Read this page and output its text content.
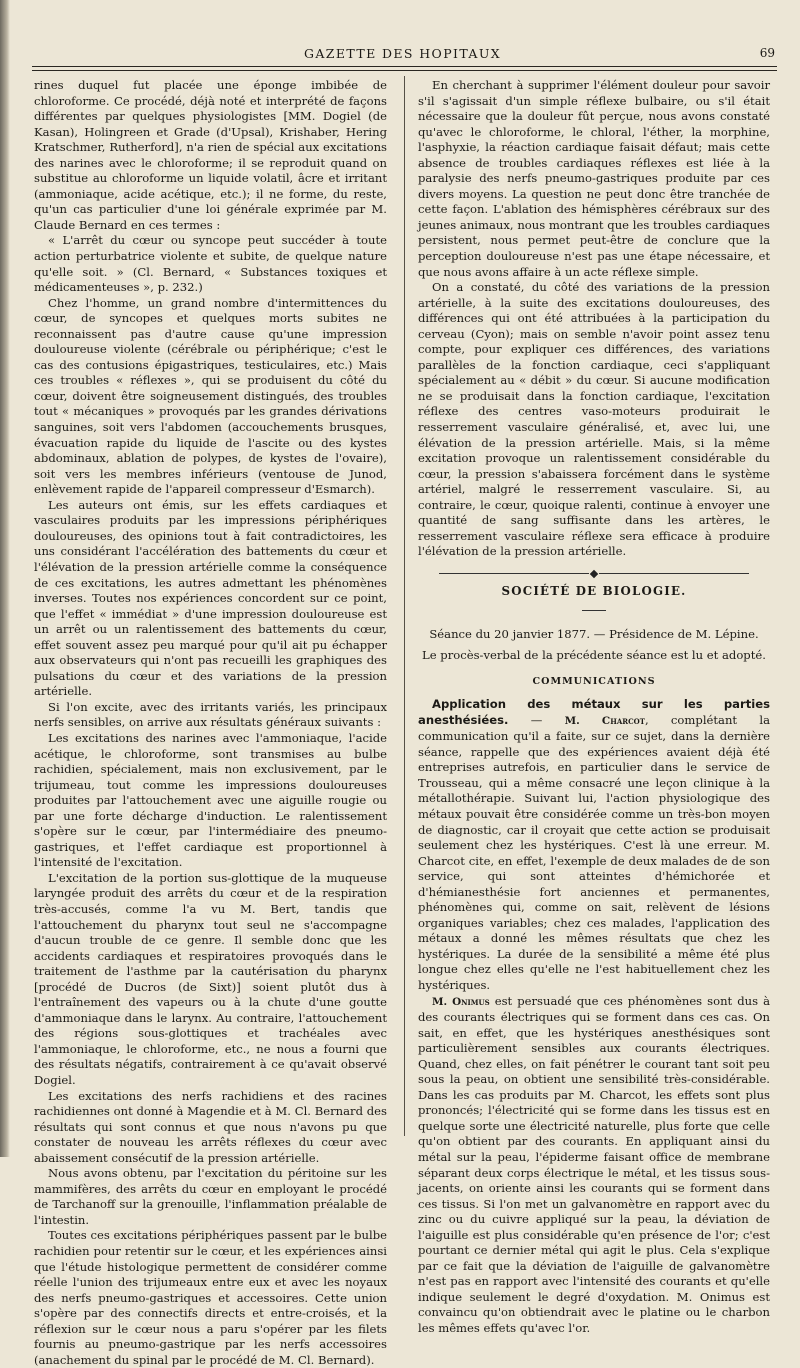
GAZETTE DES HOPITAUX	69

rines duquel fut placée une éponge imbibée de chloroforme. Ce procédé, déjà noté et interprété de façons différentes par quelques physiologistes [MM. Dogiel (de Kasan), Holingreen et Grade (d'Upsal), Krishaber, Hering Kratschmer, Rutherford], n'a rien de spécial aux excitations des narines avec le chloroforme; il se reproduit quand on substitue au chloroforme un liquide volatil, âcre et irritant (ammoniaque, acide acétique, etc.); il ne forme, du reste, qu'un cas particulier d'une loi générale exprimée par M. Claude Bernard en ces termes :

« L'arrêt du cœur ou syncope peut succéder à toute action perturbatrice violente et subite, de quelque nature qu'elle soit. » (Cl. Bernard, « Substances toxiques et médicamenteuses », p. 232.)

Chez l'homme, un grand nombre d'intermittences du cœur, de syncopes et quelques morts subites ne reconnaissent pas d'autre cause qu'une impression douloureuse violente (cérébrale ou périphérique; c'est le cas des contusions épigastriques, testiculaires, etc.) Mais ces troubles « réflexes », qui se produisent du côté du cœur, doivent être soigneusement distingués, des troubles tout « mécaniques » provoqués par les grandes dérivations sanguines, soit vers l'abdomen (accouchements brusques, évacuation rapide du liquide de l'ascite ou des kystes abdominaux, ablation de polypes, de kystes de l'ovaire), soit vers les membres inférieurs (ventouse de Junod, enlèvement rapide de l'appareil compresseur d'Esmarch).

Les auteurs ont émis, sur les effets cardiaques et vasculaires produits par les impressions périphériques douloureuses, des opinions tout à fait contradictoires, les uns considérant l'accélération des battements du cœur et l'élévation de la pression artérielle comme la conséquence de ces excitations, les autres admettant les phénomènes inverses. Toutes nos expériences concordent sur ce point, que l'effet « immédiat » d'une impression douloureuse est un arrêt ou un ralentissement des battements du cœur, effet souvent assez peu marqué pour qu'il ait pu échapper aux observateurs qui n'ont pas recueilli les graphiques des pulsations du cœur et des variations de la pression artérielle.

Si l'on excite, avec des irritants variés, les principaux nerfs sensibles, on arrive aux résultats généraux suivants :

Les excitations des narines avec l'ammoniaque, l'acide acétique, le chloroforme, sont transmises au bulbe rachidien, spécialement, mais non exclusivement, par le trijumeau, tout comme les impressions douloureuses produites par l'attouchement avec une aiguille rougie ou par une forte décharge d'induction. Le ralentissement s'opère sur le cœur, par l'intermédiaire des pneumo-gastriques, et l'effet cardiaque est proportionnel à l'intensité de l'excitation.

L'excitation de la portion sus-glottique de la muqueuse laryngée produit des arrêts du cœur et de la respiration très-accusés, comme l'a vu M. Bert, tandis que l'attouchement du pharynx tout seul ne s'accompagne d'aucun trouble de ce genre. Il semble donc que les accidents cardiaques et respiratoires provoqués dans le traitement de l'asthme par la cautérisation du pharynx [procédé de Ducros (de Sixt)] soient plutôt dus à l'entraînement des vapeurs ou à la chute d'une goutte d'ammoniaque dans le larynx. Au contraire, l'attouchement des régions sous-glottiques et trachéales avec l'ammoniaque, le chloroforme, etc., ne nous a fourni que des résultats négatifs, contrairement à ce qu'avait observé Dogiel.

Les excitations des nerfs rachidiens et des racines rachidiennes ont donné à Magendie et à M. Cl. Bernard des résultats qui sont connus et que nous n'avons pu que constater de nouveau les arrêts réflexes du cœur avec abaissement consécutif de la pression artérielle.

Nous avons obtenu, par l'excitation du péritoine sur les mammifères, des arrêts du cœur en employant le procédé de Tarchanoff sur la grenouille, l'inflammation préalable de l'intestin.

Toutes ces excitations périphériques passent par le bulbe rachidien pour retentir sur le cœur, et les expériences ainsi que l'étude histologique permettent de considérer comme réelle l'union des trijumeaux entre eux et avec les noyaux des nerfs pneumo-gastriques et accessoires. Cette union s'opère par des connectifs directs et entre-croisés, et la réflexion sur le cœur nous a paru s'opérer par les filets fournis au pneumo-gastrique par les nerfs accessoires (anachement du spinal par le procédé de M. Cl. Bernard).

En cherchant à supprimer l'élément douleur pour savoir s'il s'agissait d'un simple réflexe bulbaire, ou s'il était nécessaire que la douleur fût perçue, nous avons constaté qu'avec le chloroforme, le chloral, l'éther, la morphine, l'asphyxie, la réaction cardiaque faisait défaut; mais cette absence de troubles cardiaques réflexes est liée à la paralysie des nerfs pneumo-gastriques produite par ces divers moyens. La question ne peut donc être tranchée de cette façon. L'ablation des hémisphères cérébraux sur des jeunes animaux, nous montrant que les troubles cardiaques persistent, nous permet peut-être de conclure que la perception douloureuse n'est pas une étape nécessaire, et que nous avons affaire à un acte réflexe simple.

On a constaté, du côté des variations de la pression artérielle, à la suite des excitations douloureuses, des différences qui ont été attribuées à la participation du cerveau (Cyon); mais on semble n'avoir point assez tenu compte, pour expliquer ces différences, des variations parallèles de la fonction cardiaque, ceci s'appliquant spécialement au « débit » du cœur. Si aucune modification ne se produisait dans la fonction cardiaque, l'excitation réflexe des centres vaso-moteurs produirait le resserrement vasculaire généralisé, et, avec lui, une élévation de la pression artérielle. Mais, si la même excitation provoque un ralentissement considérable du cœur, la pression s'abaissera forcément dans le système artériel, malgré le resserrement vasculaire. Si, au contraire, le cœur, quoique ralenti, continue à envoyer une quantité de sang suffisante dans les artères, le resserrement vasculaire réflexe sera efficace à produire l'élévation de la pression artérielle.

SOCIÉTÉ DE BIOLOGIE.

Séance du 20 janvier 1877. — Présidence de M. Lépine.

Le procès-verbal de la précédente séance est lu et adopté.

COMMUNICATIONS

Application des métaux sur les parties anesthésiées. — M. Charcot, complétant la communication qu'il a faite, sur ce sujet, dans la dernière séance, rappelle que des expériences avaient déjà été entreprises autrefois, en particulier dans le service de Trousseau, qui a même consacré une leçon clinique à la métallothérapie. Suivant lui, l'action physiologique des métaux pouvait être considérée comme un très-bon moyen de diagnostic, car il croyait que cette action se produisait seulement chez les hystériques. C'est là une erreur. M. Charcot cite, en effet, l'exemple de deux malades de de son service, qui sont atteintes d'hémichorée et d'hémianesthésie fort anciennes et permanentes, phénomènes qui, comme on sait, relèvent de lésions organiques variables; chez ces malades, l'application des métaux a donné les mêmes résultats que chez les hystériques. La durée de la sensibilité a même été plus longue chez elles qu'elle ne l'est habituellement chez les hystériques.

M. Onimus est persuadé que ces phénomènes sont dus à des courants électriques qui se forment dans ces cas. On sait, en effet, que les hystériques anesthésiques sont particulièrement sensibles aux courants électriques. Quand, chez elles, on fait pénétrer le courant tant soit peu sous la peau, on obtient une sensibilité très-considérable. Dans les cas produits par M. Charcot, les effets sont plus prononcés; l'électricité qui se forme dans les tissus est en quelque sorte une électricité naturelle, plus forte que celle qu'on obtient par des courants. En appliquant ainsi du métal sur la peau, l'épiderme faisant office de membrane séparant deux corps électrique le métal, et les tissus sous-jacents, on oriente ainsi les courants qui se forment dans ces tissus. Si l'on met un galvanomètre en rapport avec du zinc ou du cuivre appliqué sur la peau, la déviation de l'aiguille est plus considérable qu'en présence de l'or; c'est pourtant ce dernier métal qui agit le plus. Cela s'explique par ce fait que la déviation de l'aiguille de galvanomètre n'est pas en rapport avec l'intensité des courants et qu'elle indique seulement le degré d'oxydation. M. Onimus est convaincu qu'on obtiendrait avec le platine ou le charbon les mêmes effets qu'avec l'or.
